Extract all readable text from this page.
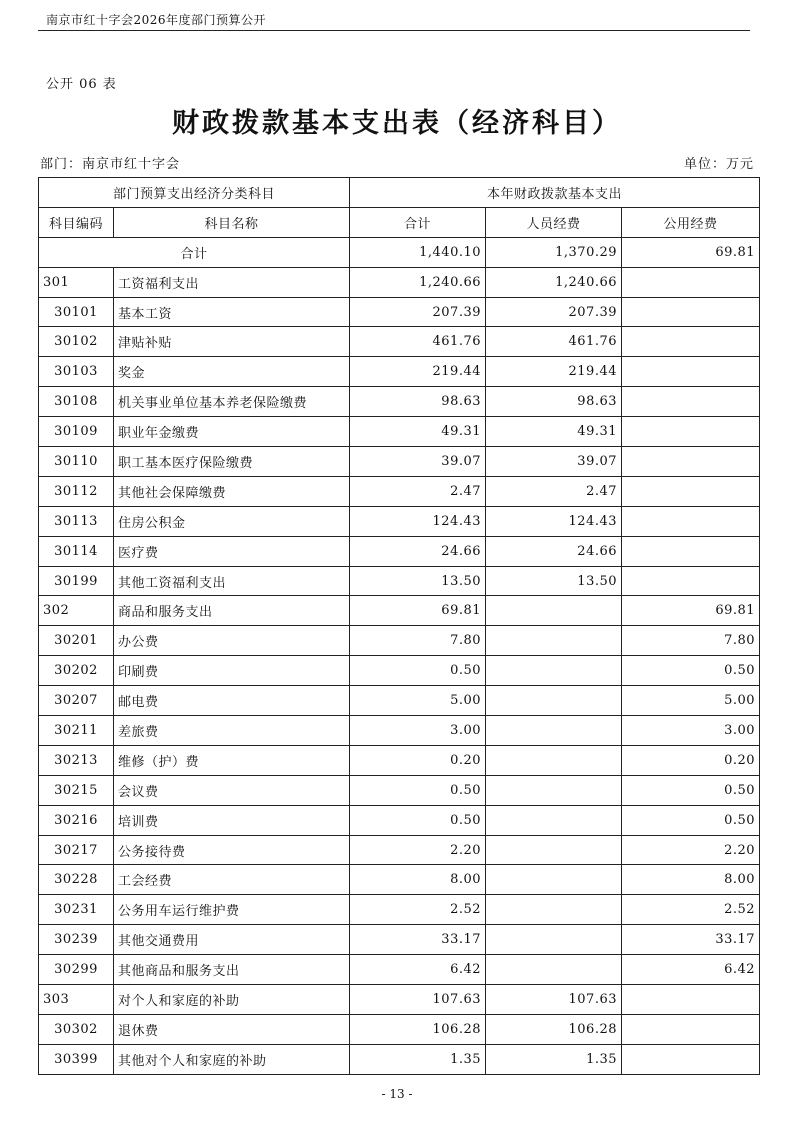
南京市红十字会2026年度部门预算公开
公开 06 表
财政拨款基本支出表（经济科目）
部门：南京市红十字会	单位：万元
部门预算支出经济分类科目		本年财政拨款基本支出		
科目编码	科目名称	合计	人员经费	公用经费
合计		1,440.10	1,370.29	69.81
301	工资福利支出	1,240.66	1,240.66	
30101	基本工资	207.39	207.39	
30102	津贴补贴	461.76	461.76	
30103	奖金	219.44	219.44	
30108	机关事业单位基本养老保险缴费	98.63	98.63	
30109	职业年金缴费	49.31	49.31	
30110	职工基本医疗保险缴费	39.07	39.07	
30112	其他社会保障缴费	2.47	2.47	
30113	住房公积金	124.43	124.43	
30114	医疗费	24.66	24.66	
30199	其他工资福利支出	13.50	13.50	
302	商品和服务支出	69.81		69.81
30201	办公费	7.80		7.80
30202	印刷费	0.50		0.50
30207	邮电费	5.00		5.00
30211	差旅费	3.00		3.00
30213	维修（护）费	0.20		0.20
30215	会议费	0.50		0.50
30216	培训费	0.50		0.50
30217	公务接待费	2.20		2.20
30228	工会经费	8.00		8.00
30231	公务用车运行维护费	2.52		2.52
30239	其他交通费用	33.17		33.17
30299	其他商品和服务支出	6.42		6.42
303	对个人和家庭的补助	107.63	107.63	
30302	退休费	106.28	106.28	
30399	其他对个人和家庭的补助	1.35	1.35	
- 13 -
